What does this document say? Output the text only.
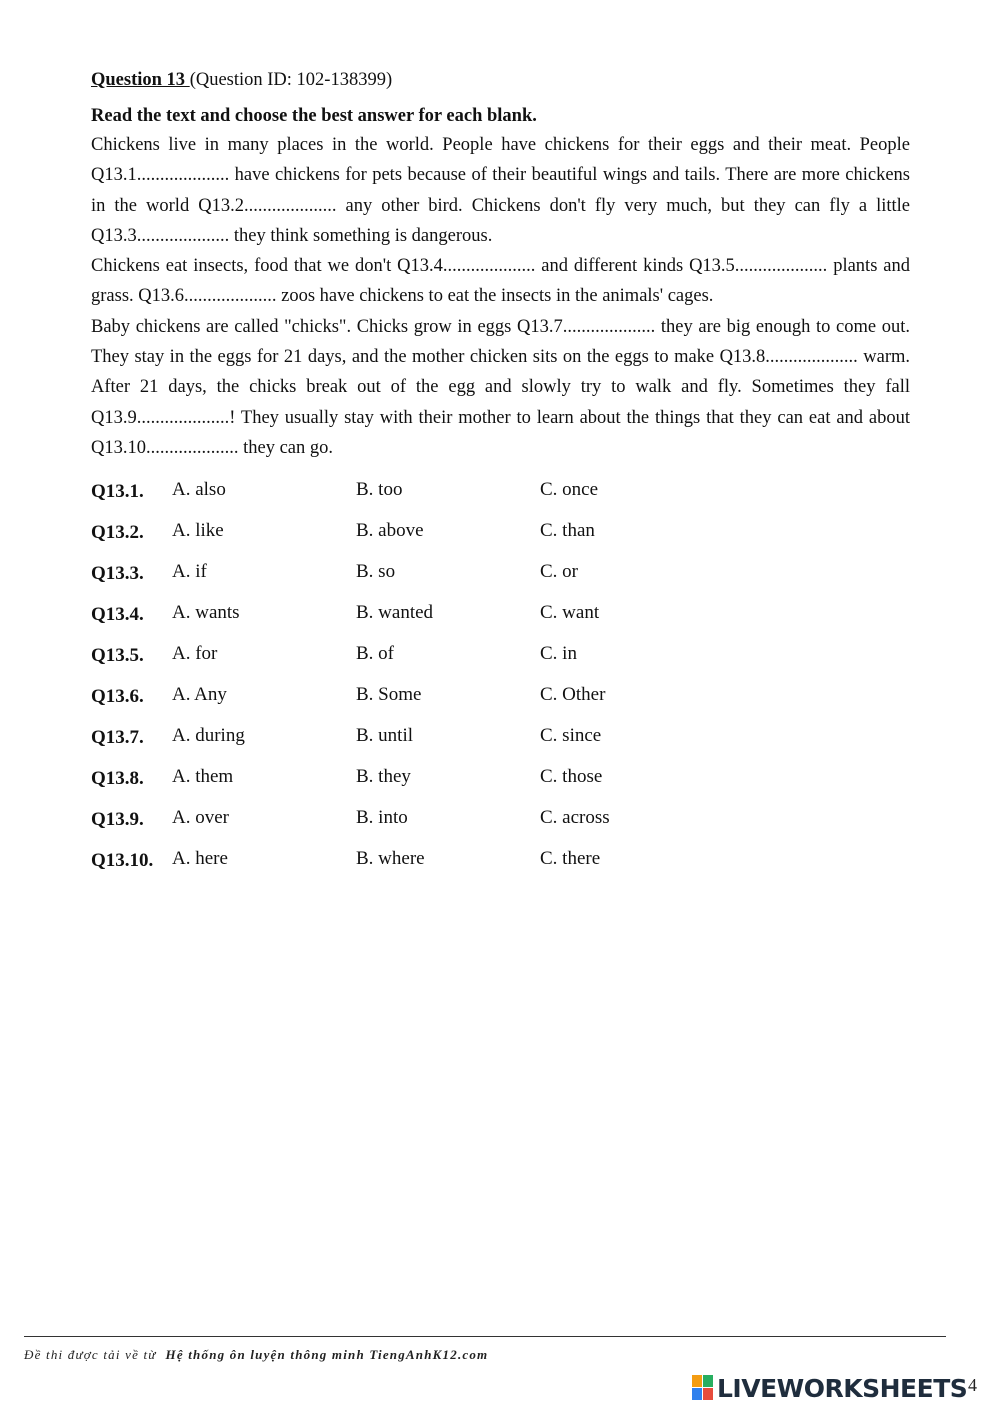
Question 13 (Question ID: 102-138399)
Read the text and choose the best answer for each blank.

Chickens live in many places in the world. People have chickens for their eggs and their meat. People Q13.1.................... have chickens for pets because of their beautiful wings and tails. There are more chickens in the world Q13.2.................... any other bird. Chickens don't fly very much, but they can fly a little Q13.3.................... they think something is dangerous.

Chickens eat insects, food that we don't Q13.4.................... and different kinds Q13.5.................... plants and grass. Q13.6.................... zoos have chickens to eat the insects in the animals' cages.

Baby chickens are called "chicks". Chicks grow in eggs Q13.7.................... they are big enough to come out. They stay in the eggs for 21 days, and the mother chicken sits on the eggs to make Q13.8.................... warm. After 21 days, the chicks break out of the egg and slowly try to walk and fly. Sometimes they fall Q13.9....................! They usually stay with their mother to learn about the things that they can eat and about Q13.10.................... they can go.

Q13.1. A. also	B. too	C. once
Q13.2. A. like	B. above	C. than
Q13.3. A. if	B. so	C. or
Q13.4. A. wants	B. wanted	C. want
Q13.5. A. for	B. of	C. in
Q13.6. A. Any	B. Some	C. Other
Q13.7. A. during	B. until	C. since
Q13.8. A. them	B. they	C. those
Q13.9. A. over	B. into	C. across
Q13.10. A. here	B. where	C. there
Đề thi được tải về từ Hệ thống ôn luyện thông minh TiengAnhK12.com
LIVEWORKSHEETS 4
